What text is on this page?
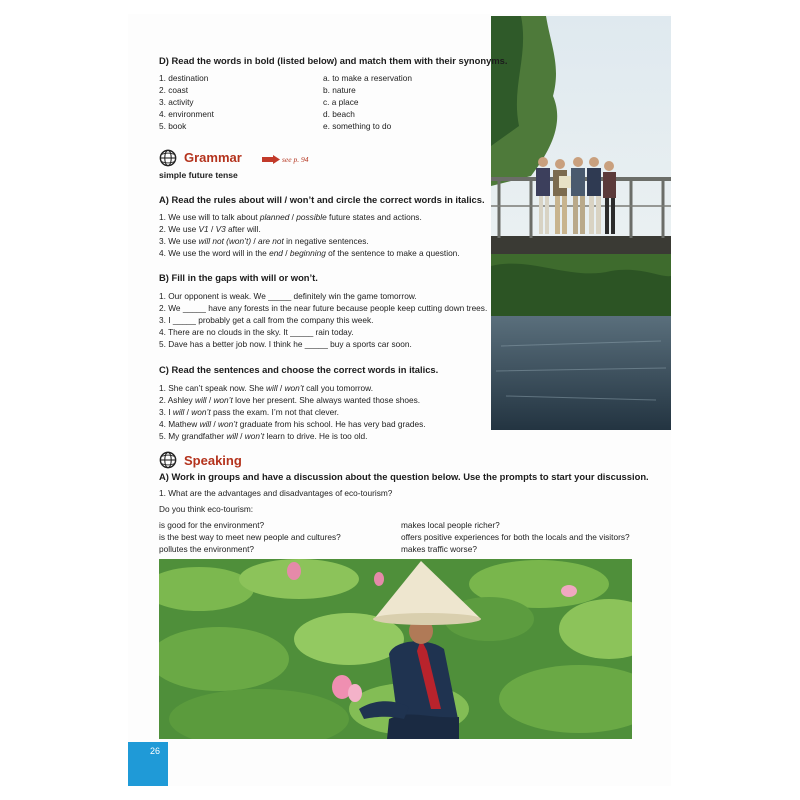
D) Read the words in bold (listed below) and match them with their synonyms.
1. destination
2. coast
3. activity
4. environment
5. book
a. to make a reservation
b. nature
c. a place
d. beach
e. something to do
Grammar	see p. 94
simple future tense
A) Read the rules about will / won’t and circle the correct words in italics.
1. We use will to talk about planned / possible future states and actions.
2. We use V1 / V3 after will.
3. We use will not (won’t) / are not in negative sentences.
4. We use the word will in the end / beginning of the sentence to make a question.
B) Fill in the gaps with will or won’t.
1. Our opponent is weak. We _____ definitely win the game tomorrow.
2. We _____ have any forests in the near future because people keep cutting down trees.
3. I _____ probably get a call from the company this week.
4. There are no clouds in the sky. It _____ rain today.
5. Dave has a better job now. I think he _____ buy a sports car soon.
C) Read the sentences and choose the correct words in italics.
1. She can’t speak now. She will / won’t call you tomorrow.
2. Ashley will / won’t love her present. She always wanted those shoes.
3. I will / won’t pass the exam. I’m not that clever.
4. Mathew will / won’t graduate from his school. He has very bad grades.
5. My grandfather will / won’t learn to drive. He is too old.
Speaking
A) Work in groups and have a discussion about the question below. Use the prompts to start your discussion.
1. What are the advantages and disadvantages of eco-tourism?
Do you think eco-tourism:
is good for the environment?
is the best way to meet new people and cultures?
pollutes the environment?
makes local people richer?
offers positive experiences for both the locals and the visitors?
makes traffic worse?
26
